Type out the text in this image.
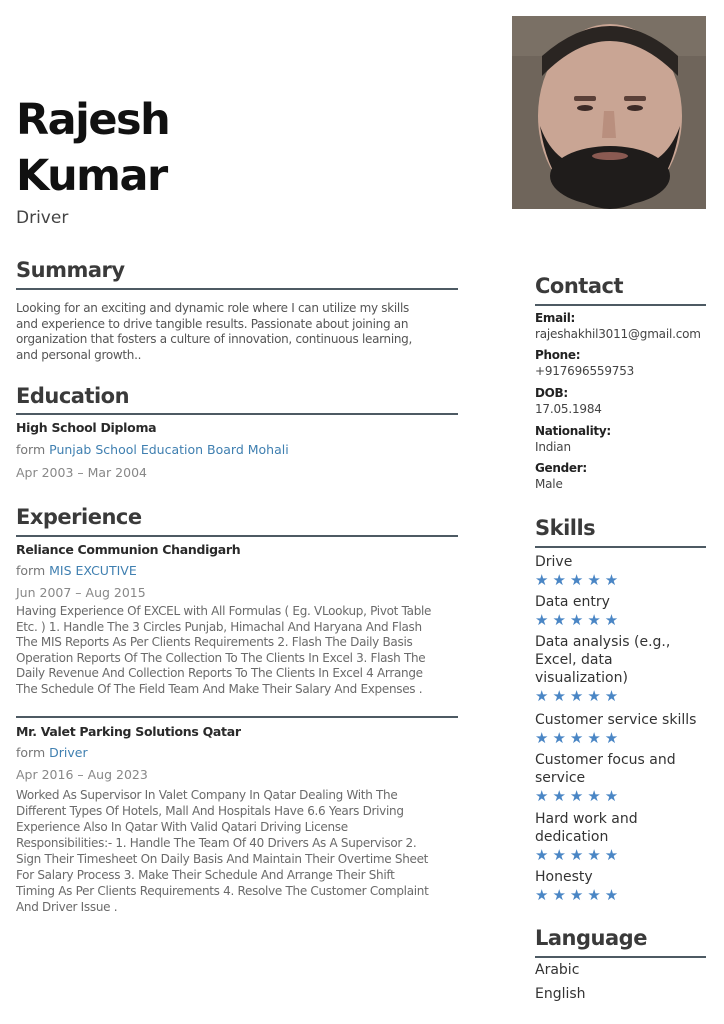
Rajesh
Kumar
Driver
Summary
Looking for an exciting and dynamic role where I can utilize my skills
and experience to drive tangible results. Passionate about joining an
organization that fosters a culture of innovation, continuous learning,
and personal growth..
Education
High School Diploma
form Punjab School Education Board Mohali
Apr 2003 – Mar 2004
Experience
Reliance Communion Chandigarh
form MIS EXCUTIVE
Jun 2007 – Aug 2015
Having Experience Of EXCEL with All Formulas ( Eg. VLookup, Pivot Table
Etc. ) 1. Handle The 3 Circles Punjab, Himachal And Haryana And Flash
The MIS Reports As Per Clients Requirements 2. Flash The Daily Basis
Operation Reports Of The Collection To The Clients In Excel 3. Flash The
Daily Revenue And Collection Reports To The Clients In Excel 4 Arrange
The Schedule Of The Field Team And Make Their Salary And Expenses .
Mr. Valet Parking Solutions Qatar
form Driver
Apr 2016 – Aug 2023
Worked As Supervisor In Valet Company In Qatar Dealing With The
Different Types Of Hotels, Mall And Hospitals Have 6.6 Years Driving
Experience Also In Qatar With Valid Qatari Driving License
Responsibilities:- 1. Handle The Team Of 40 Drivers As A Supervisor 2.
Sign Their Timesheet On Daily Basis And Maintain Their Overtime Sheet
For Salary Process 3. Make Their Schedule And Arrange Their Shift
Timing As Per Clients Requirements 4. Resolve The Customer Complaint
And Driver Issue .
Contact
Email:
rajeshakhil3011@gmail.com
Phone:
+917696559753
DOB:
17.05.1984
Nationality:
Indian
Gender:
Male
Skills
Drive
★★★★★
Data entry
★★★★★
Data analysis (e.g.,
Excel, data
visualization)
★★★★★
Customer service skills
★★★★★
Customer focus and
service
★★★★★
Hard work and
dedication
★★★★★
Honesty
★★★★★
Language
Arabic
English
